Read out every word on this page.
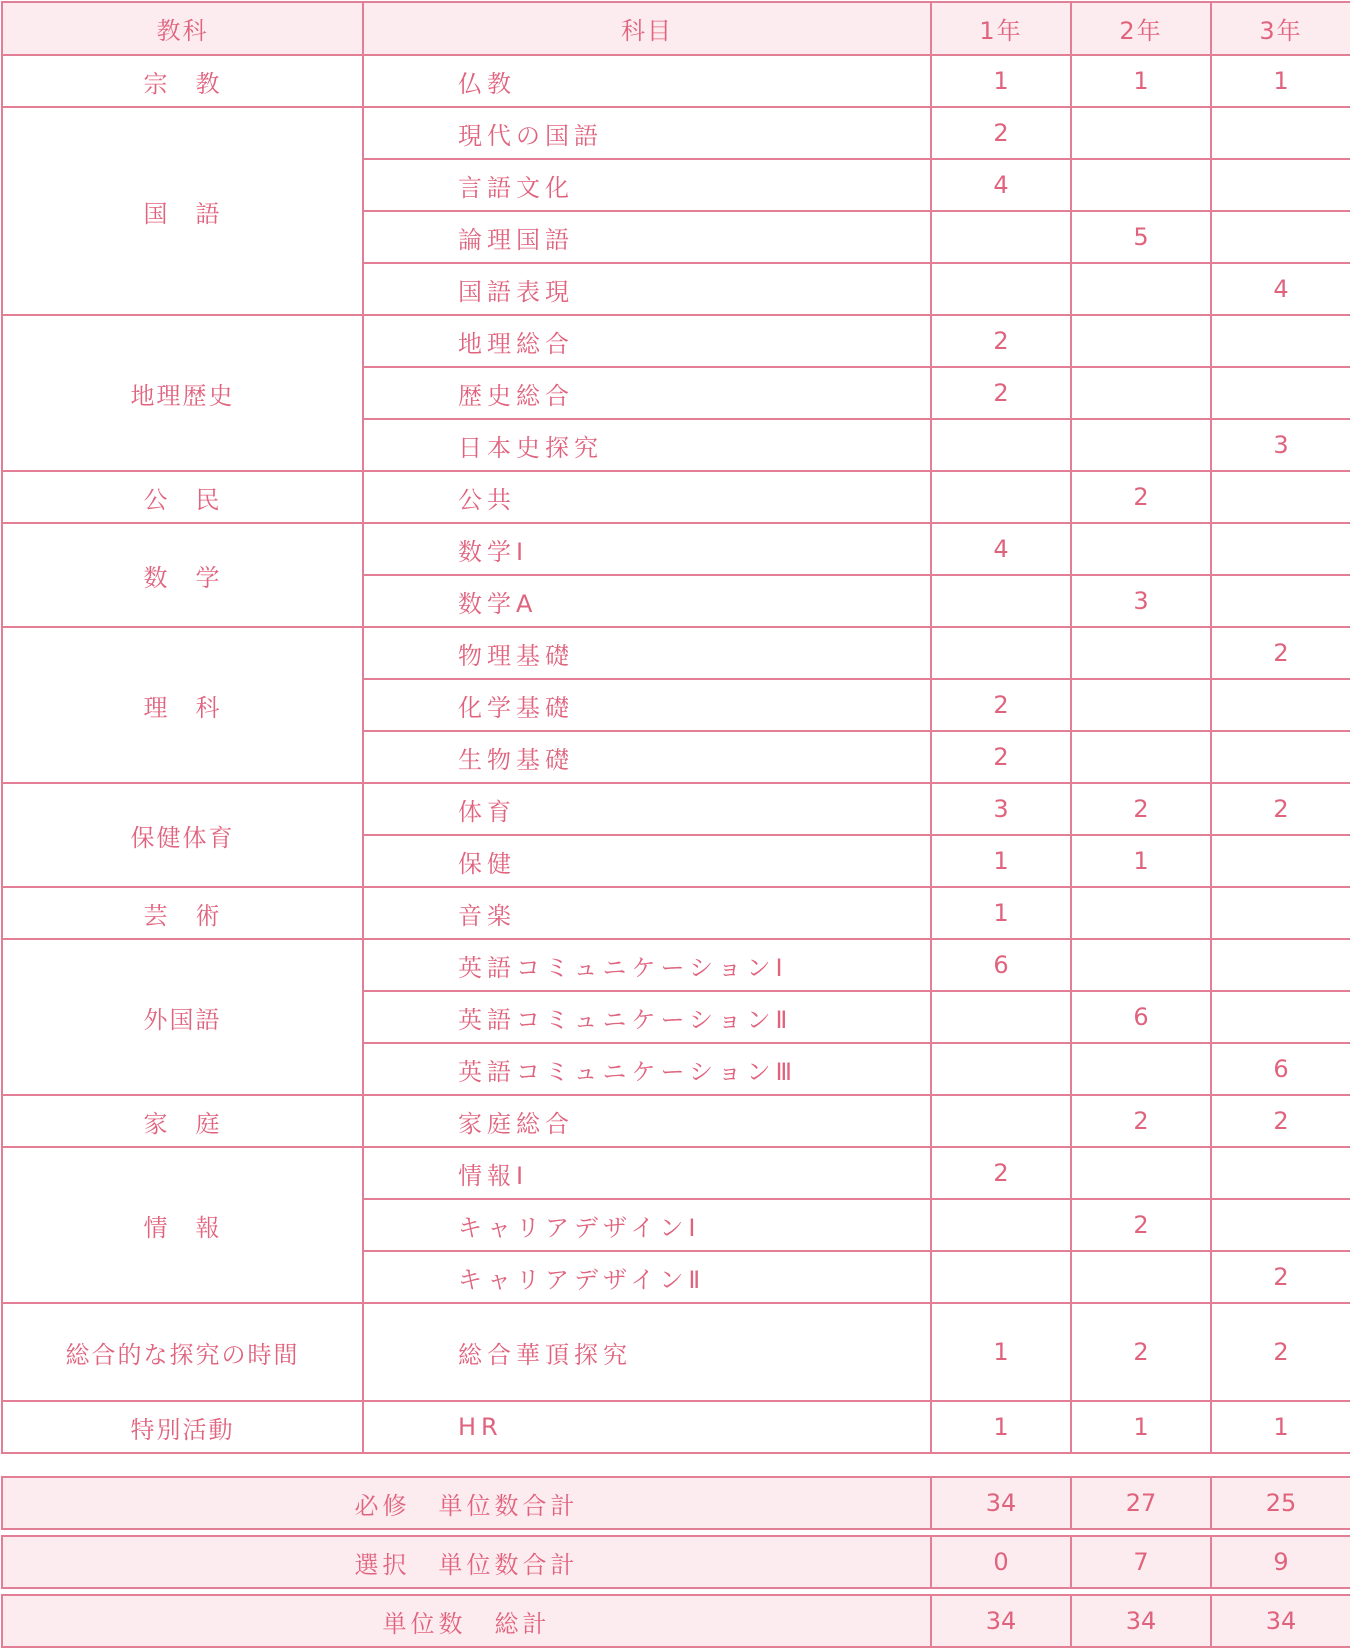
教科	科目	1年	2年	3年
宗　教	仏教	1	1	1
国　語	現代の国語	2		
	言語文化	4		
	論理国語		5	
	国語表現			4
地理歴史	地理総合	2		
	歴史総合	2		
	日本史探究			3
公　民	公共		2	
数　学	数学Ⅰ	4		
	数学A		3	
理　科	物理基礎			2
	化学基礎	2		
	生物基礎	2		
保健体育	体育	3	2	2
	保健	1	1	
芸　術	音楽	1		
外国語	英語コミュニケーションⅠ	6		
	英語コミュニケーションⅡ		6	
	英語コミュニケーションⅢ			6
家　庭	家庭総合		2	2
情　報	情報Ⅰ	2		
	キャリアデザインⅠ		2	
	キャリアデザインⅡ			2
総合的な探究の時間	総合華頂探究	1	2	2
特別活動	HR	1	1	1
必修　単位数合計	34	27	25
選択　単位数合計	0	7	9
単位数　総計	34	34	34
